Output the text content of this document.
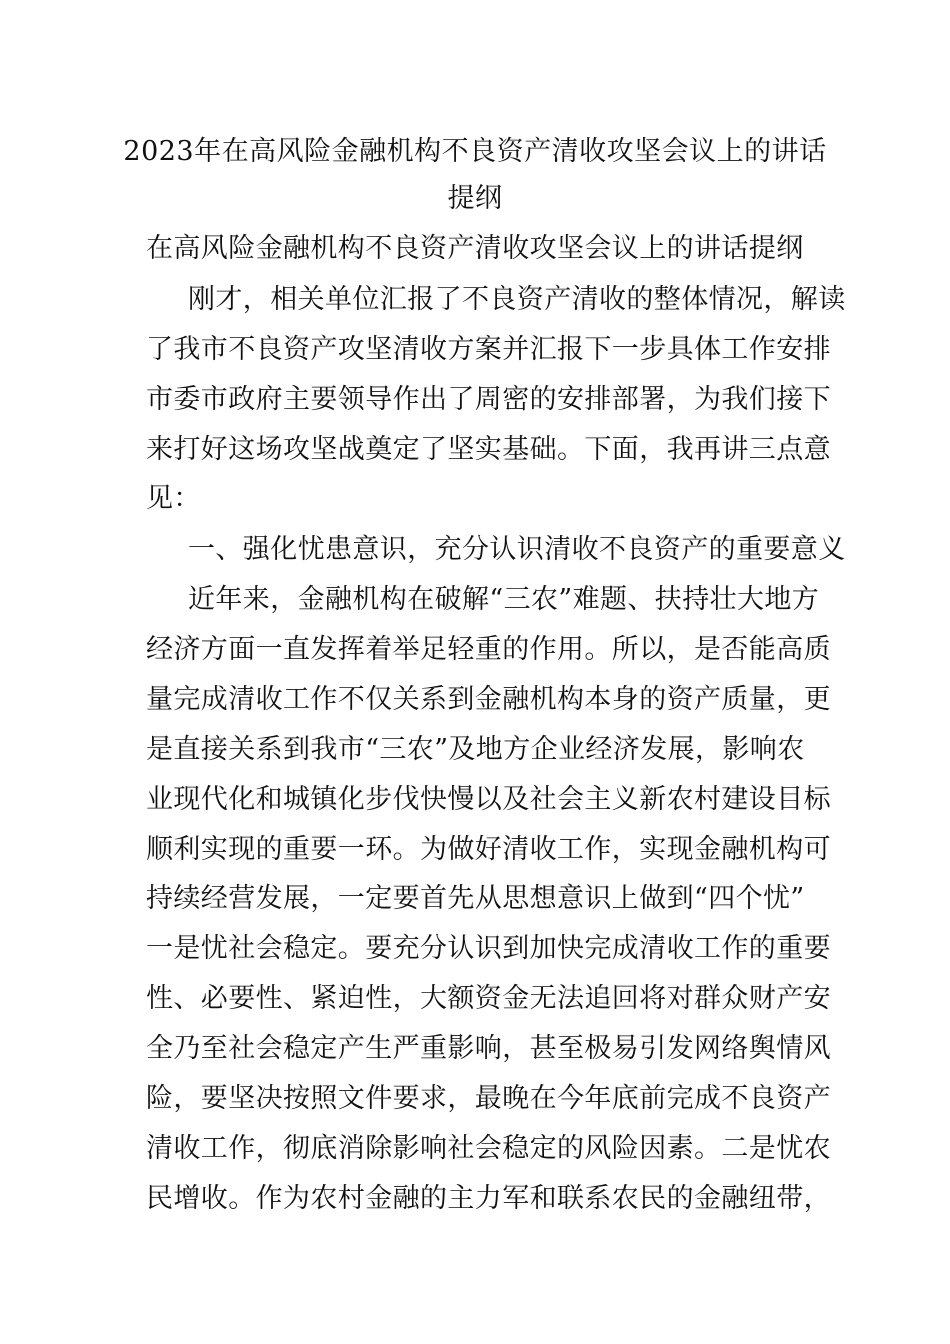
2023年在高风险金融机构不良资产清收攻坚会议上的讲话
提纲
在高风险金融机构不良资产清收攻坚会议上的讲话提纲
刚才，相关单位汇报了不良资产清收的整体情况，解读
了我市不良资产攻坚清收方案并汇报下一步具体工作安排
市委市政府主要领导作出了周密的安排部署，为我们接下
来打好这场攻坚战奠定了坚实基础。下面，我再讲三点意
见：
一、强化忧患意识，充分认识清收不良资产的重要意义
近年来，金融机构在破解“三农”难题、扶持壮大地方
经济方面一直发挥着举足轻重的作用。所以，是否能高质
量完成清收工作不仅关系到金融机构本身的资产质量，更
是直接关系到我市“三农”及地方企业经济发展，影响农
业现代化和城镇化步伐快慢以及社会主义新农村建设目标
顺利实现的重要一环。为做好清收工作，实现金融机构可
持续经营发展，一定要首先从思想意识上做到“四个忧”
一是忧社会稳定。要充分认识到加快完成清收工作的重要
性、必要性、紧迫性，大额资金无法追回将对群众财产安
全乃至社会稳定产生严重影响，甚至极易引发网络舆情风
险，要坚决按照文件要求，最晚在今年底前完成不良资产
清收工作，彻底消除影响社会稳定的风险因素。二是忧农
民增收。作为农村金融的主力军和联系农民的金融纽带，
